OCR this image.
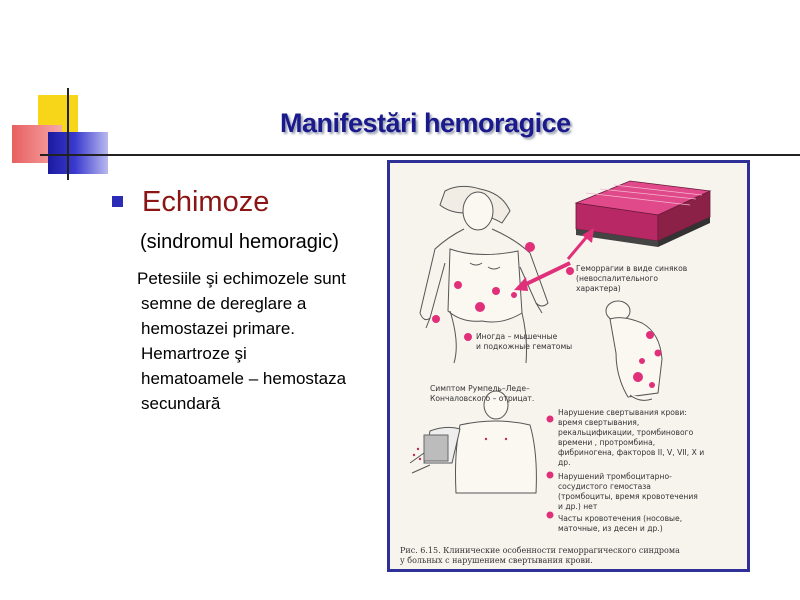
Manifestări hemoragice
Echimoze
(sindromul hemoragic)
Petesiile şi echimozele sunt
semne de dereglare a
hemostazei primare.
Hemartroze şi
hematoamele – hemostaza
secundară
Геморрагии в виде синяков
(невоспалительного
характера)
Иногда – мышечные
и подкожные гематомы
Симптом Румпель–Леде–
Кончаловского – отрицат.
Нарушение свертывания крови:
время свертывания,
рекальцификации, тромбинового
времени , протромбина,
фибриногена, факторов II, V, VII, X и
др.
Нарушений тромбоцитарно-
сосудистого гемостаза
(тромбоциты, время кровотечения
и др.) нет
Часты кровотечения (носовые,
маточные, из десен и др.)
Рис. 6.15. Клинические особенности геморрагического синдрома
у больных с нарушением свертывания крови.
